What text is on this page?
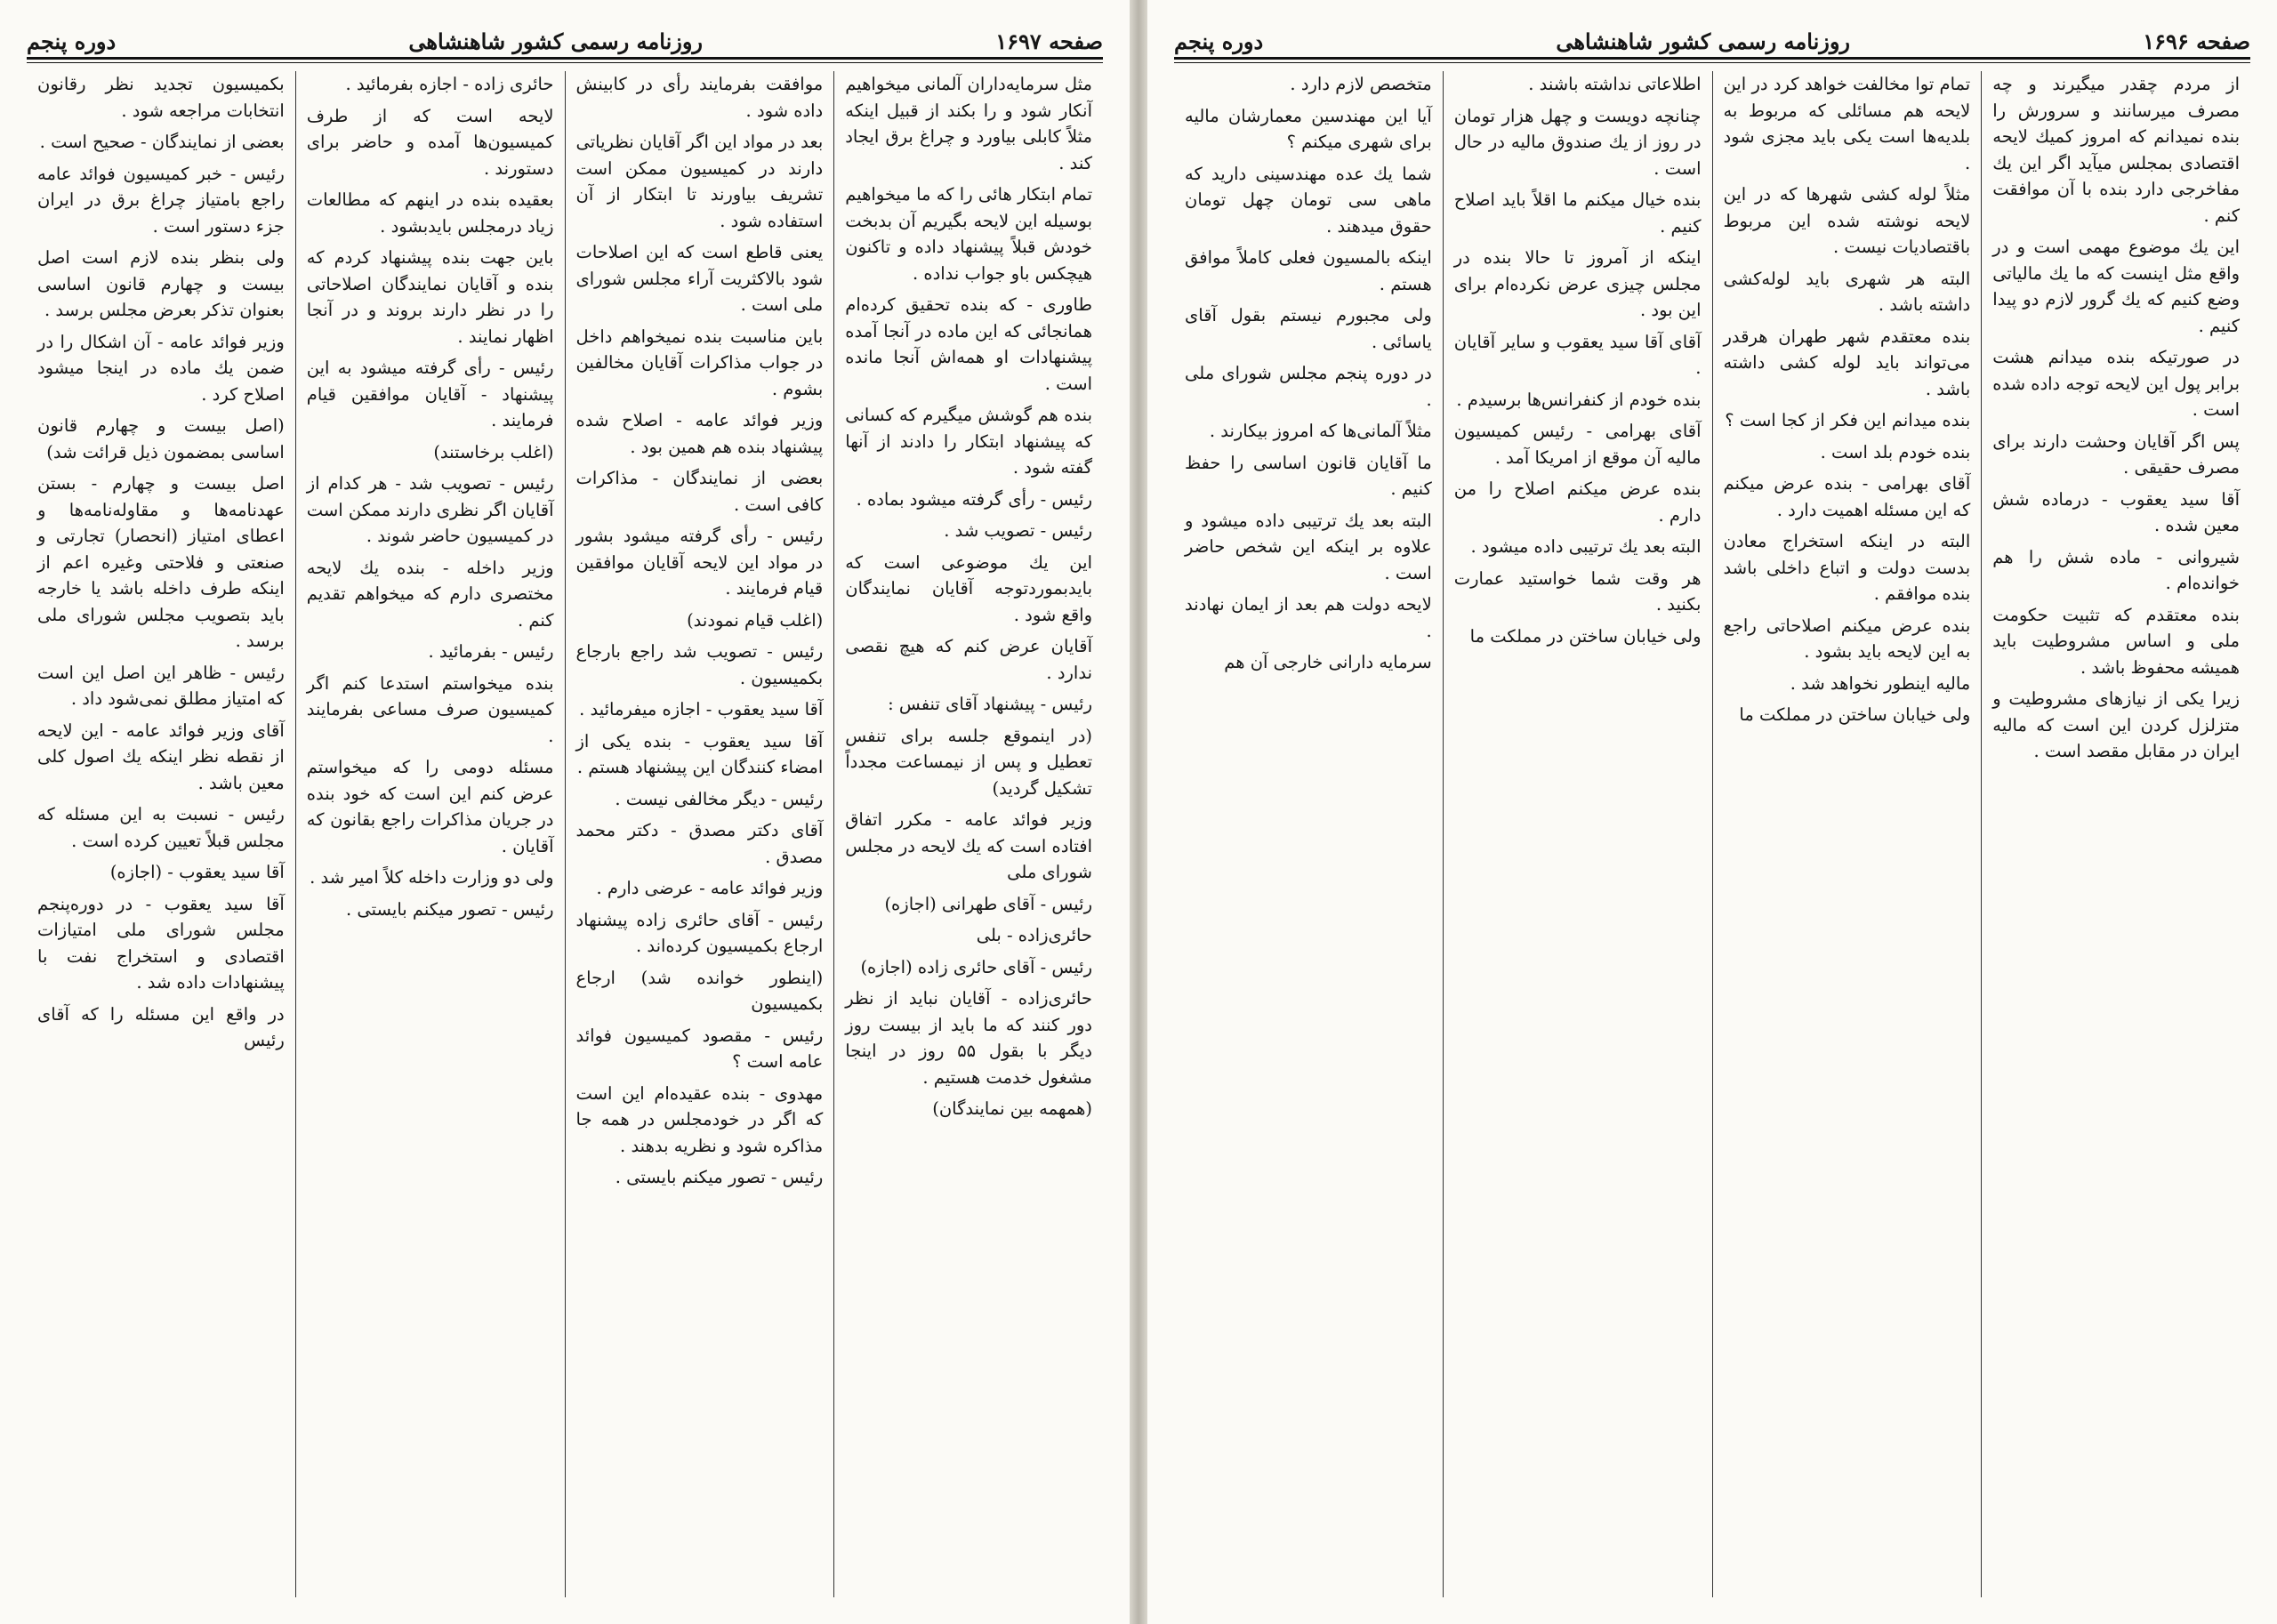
صفحه ۱۶۹۷
روزنامه رسمی کشور شاهنشاهی
دوره پنجم

مثل سرمایه‌داران آلمانی میخواهیم آنکار شود و را بکند از قبیل اینکه مثلاً کابلی بیاورد و چراغ برق ایجاد کند .

تمام ابتکار هائی را که ما میخواهیم بوسیله این لایحه بگیریم آن بدبخت خودش قبلاً پیشنهاد داده و تاکنون هیچکس باو جواب نداده .

طاوری - که بنده تحقیق کرده‌ام همانجائی که این ماده در آنجا آمده پیشنهادات او همه‌اش‌ آنجا مانده است .

بنده هم گوشش میگیرم که کسانی که پیشنهاد ابتکار را دادند از آنها گفته شود .

رئیس - رأی گرفته میشود بماده .

رئیس - تصویب شد .

این یك موضوعی است که بایدبموردتوجه آقایان نمایندگان واقع شود .

آقایان عرض کنم که هیچ نقصی ندارد .

رئیس - پیشنهاد آقای تنفس :

(در اینموقع جلسه برای تنفس تعطیل و پس از نیمساعت مجدداً تشکیل گردید)

وزیر فوائد عامه - مکرر اتفاق افتاده است که یك لایحه در مجلس شورای ملی

رئیس - آقای طهرانی (اجازه)

حائری‌زاده - بلی

رئیس - آقای حائری زاده (اجازه)

حائری‌زاده - آقایان نباید از نظر دور کنند که ما باید از بیست روز دیگر با بقول ۵۵ روز در اینجا مشغول خدمت هستیم .

(همهمه بین نمایندگان)

موافقت بفرمایند رأی در کابینش داده شود .

بعد در مواد این اگر آقایان نظریاتی دارند در کمیسیون ممکن است تشریف بیاورند تا ابتکار از آن استفاده شود .

یعنی قاطع است که این اصلاحات شود بالاکثریت آراء مجلس شورای ملی است .

باین مناسبت بنده نمیخواهم داخل در جواب مذاکرات آقایان مخالفین بشوم .

وزیر فوائد عامه - اصلاح شده پیشنهاد بنده هم همین بود .

بعضی از نمایندگان - مذاکرات کافی است .

رئیس - رأی گرفته میشود بشور در مواد این لایحه آقایان موافقین قیام فرمایند .

(اغلب قیام نمودند)

رئیس - تصویب شد راجع بارجاع بکمیسیون .

آقا سید یعقوب - اجازه میفرمائید .

آقا سید یعقوب - بنده یکی از امضاء کنندگان این پیشنهاد هستم .

رئیس - دیگر مخالفی نیست .

آقای دکتر مصدق - دکتر محمد مصدق .

وزیر فوائد عامه - عرضی دارم .

رئیس - آقای حائری زاده پیشنهاد ارجاع بکمیسیون کرده‌اند .

(اینطور خوانده شد) ارجاع بکمیسیون

رئیس - مقصود کمیسیون فوائد عامه است ؟

مهدوی - بنده عقیده‌ام این است که اگر در خودمجلس در همه جا مذاکره شود و نظریه بدهند .

رئیس - تصور میکنم بایستی .

حائری زاده - اجازه بفرمائید .

لایحه است که از طرف کمیسیون‌ها آمده و حاضر برای دستورند .

بعقیده بنده در اینهم که مطالعات زیاد درمجلس بایدبشود .

باین جهت بنده پیشنهاد کردم که بنده و آقایان نمایندگان اصلاحاتی را در نظر دارند بروند و در آنجا اظهار نمایند .

رئیس - رأی گرفته میشود به این پیشنهاد - آقایان موافقین قیام فرمایند .

(اغلب برخاستند)

رئیس - تصویب شد - هر کدام از آقایان اگر نظری دارند ممکن است در کمیسیون حاضر شوند .

وزیر داخله - بنده یك لایحه مختصری دارم که میخواهم تقدیم کنم .

رئیس - بفرمائید .

بنده میخواستم استدعا کنم اگر کمیسیون صرف مساعی بفرمایند .

مسئله دومی را که میخواستم عرض کنم این است که خود بنده در جریان مذاکرات راجع بقانون که آقایان .

ولی دو وزارت داخله کلاً امیر شد .

رئیس - تصور میکنم بایستی .

بکمیسیون تجدید نظر رقانون انتخابات مراجعه شود .

بعضی از نمایندگان - صحیح است .

رئیس - خبر کمیسیون فوائد عامه راجع بامتیاز چراغ برق در ایران جزء دستور است .

ولی بنظر بنده لازم است اصل بیست و چهارم قانون اساسی بعنوان تذکر بعرض مجلس برسد .

وزیر فوائد عامه - آن اشکال را در ضمن یك ماده در اینجا میشود اصلاح کرد .

(اصل بیست و چهارم قانون اساسی بمضمون ذیل قرائت شد)

اصل بیست و چهارم - بستن عهدنامه‌ها و مقاوله‌نامه‌ها و اعطای امتیاز (انحصار) تجارتی و صنعتی و فلاحتی وغیره اعم از اینکه طرف داخله باشد یا خارجه باید بتصویب مجلس شورای ملی برسد .

رئیس - ظاهر این اصل این است که امتیاز مطلق نمی‌شود داد .

آقای وزیر فوائد عامه - این لایحه از نقطه نظر اینکه یك اصول کلی معین باشد .

رئیس - نسبت به این مسئله که مجلس قبلاً تعیین کرده است .

آقا سید یعقوب - (اجازه)

آقا سید یعقوب - در دوره‌پنجم مجلس شورای ملی امتیازات اقتصادی و استخراج نفت با پیشنهادات داده شد .

در واقع این مسئله را که آقای رئیس

صفحه ۱۶۹۶
روزنامه رسمی کشور شاهنشاهی
دوره پنجم

از مردم چقدر میگیرند و چه مصرف میرسانند و سرورش را بنده نمیدانم که امروز کمیك لایحه اقتصادی بمجلس میآید اگر این یك مفاخرجی دارد بنده با آن موافقت کنم .

این یك موضوع مهمی است و در واقع مثل اینست که ما یك مالیاتی وضع کنیم که یك گرور لازم دو پیدا کنیم .

در صورتیکه بنده میدانم هشت برابر پول این لایحه توجه داده شده است .

پس اگر آقایان وحشت دارند برای مصرف حقیقی .

آقا سید یعقوب - درماده شش معین شده .

شیروانی - ماده شش را هم خوانده‌ام .

بنده معتقدم که تثبیت حکومت ملی و اساس مشروطیت باید همیشه محفوظ باشد .

زیرا یکی از نیازهای مشروطیت و متزلزل کردن این است که مالیه ایران در مقابل مقصد است .

تمام توا مخالفت خواهد کرد در این لایحه هم مسائلی که مربوط به بلدیه‌ها است یکی باید مجزی شود .

مثلاً لوله کشی شهرها که در این لایحه نوشته شده این مربوط باقتصادیات نیست .

البته هر شهری باید لوله‌کشی داشته باشد .

بنده معتقدم شهر طهران هرقدر می‌تواند باید لوله کشی داشته باشد .

بنده میدانم این فکر از کجا است ؟

بنده خودم بلد است .

آقای بهرامی - بنده عرض میکنم که این مسئله اهمیت دارد .

البته در اینکه استخراج معادن بدست دولت و اتباع داخلی باشد بنده موافقم .

بنده عرض میکنم اصلاحاتی راجع به این لایحه باید بشود .

مالیه اینطور نخواهد شد .

ولی خیابان ساختن در مملکت ما

اطلاعاتی نداشته باشند .

چنانچه دویست و چهل هزار تومان در روز از یك صندوق مالیه در حال است .

بنده خیال میکنم ما اقلاً باید اصلاح کنیم .

اینکه از آمروز تا حالا بنده در مجلس چیزی عرض نکرده‌ام برای این بود .

آقای آقا سید یعقوب و سایر آقایان .

بنده خودم از کنفرانس‌ها برسیدم .

آقای بهرامی - رئیس کمیسیون مالیه آن موقع از امریکا آمد .

بنده عرض میکنم اصلاح را من دارم .

البته بعد یك ترتیبی داده میشود .

هر وقت شما خواستید عمارت بکنید .

ولی خیابان ساختن در مملکت ما

متخصص لازم دارد .

آیا این مهندسین معمارشان مالیه برای شهری میکنم ؟

شما یك عده مهندسینی دارید که ماهی سی تومان چهل تومان حقوق میدهند .

اینکه بالمسیون فعلی کاملاً موافق هستم .

ولی مجبورم نیستم بقول آقای یاسائی .

در دوره پنجم مجلس شورای ملی .

مثلاً آلمانی‌ها که امروز بیکارند .

ما آقایان قانون اساسی را حفظ کنیم .

البته بعد یك ترتیبی داده میشود و علاوه بر اینکه این شخص حاضر است .

لایحه دولت هم بعد از ایمان نهادند .

سرمایه دارانی خارجی آن هم
